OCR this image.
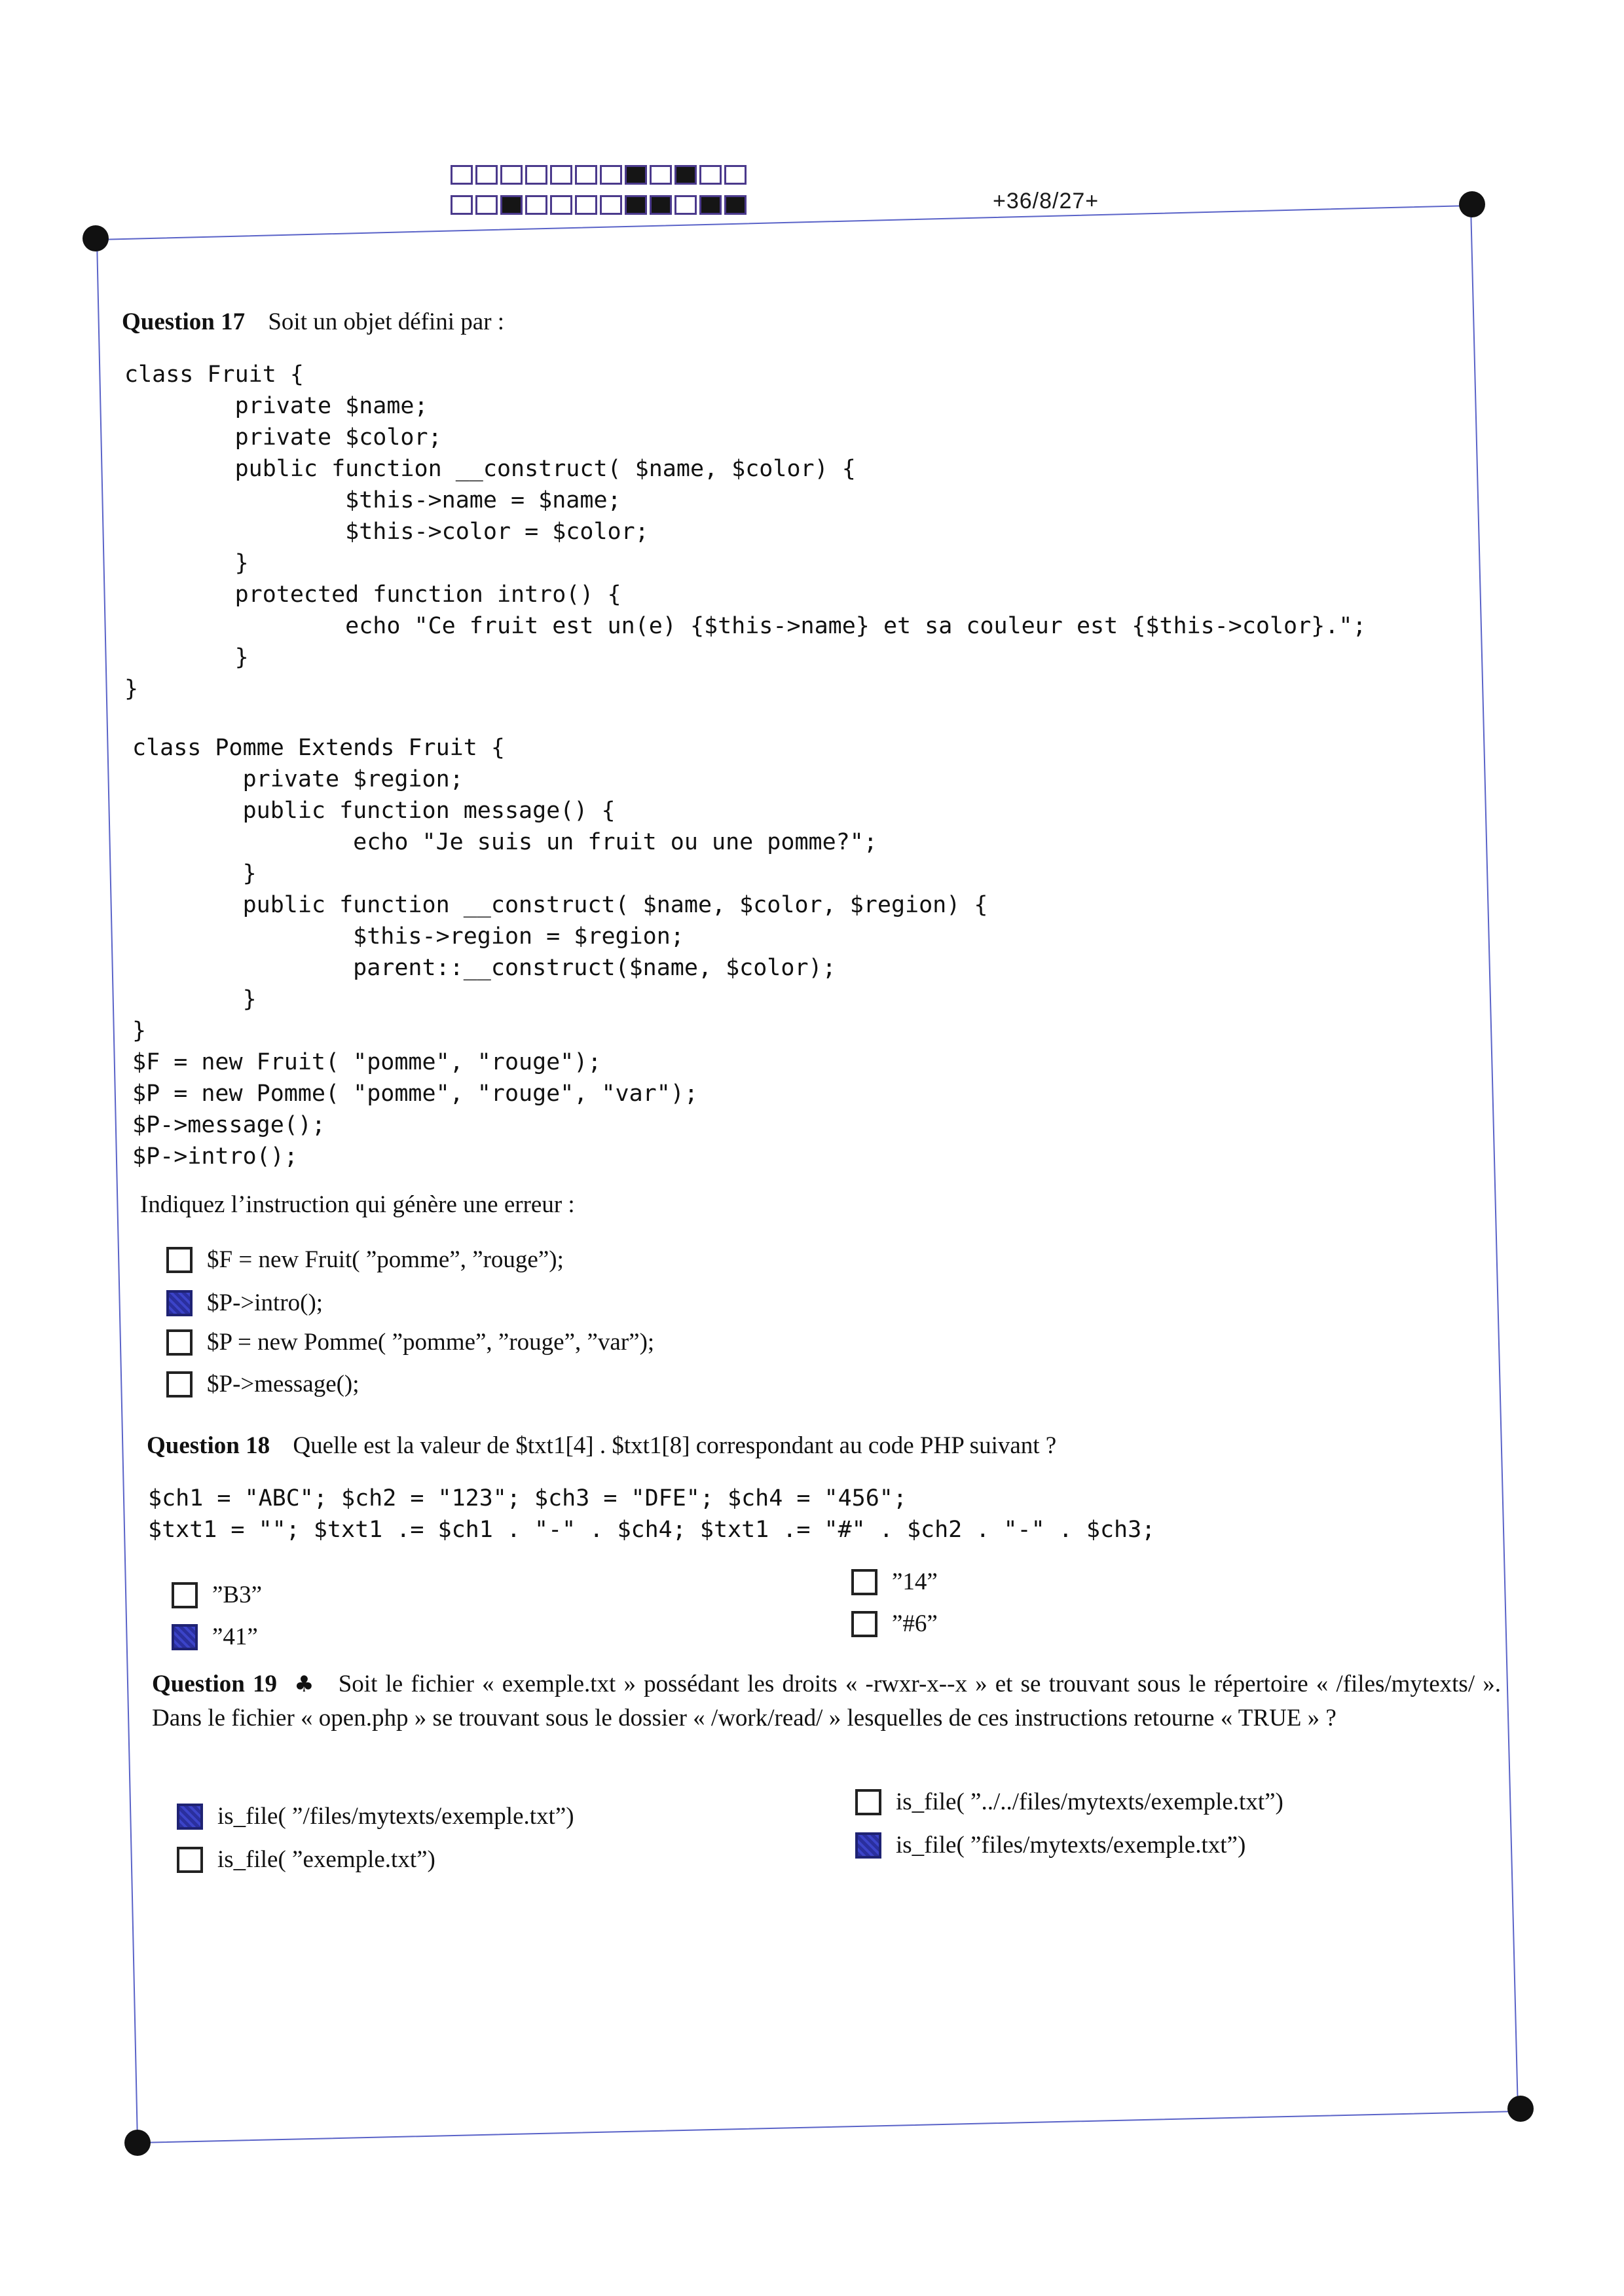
+36/8/27+
Question 17 Soit un objet défini par :
class Fruit {
private $name;
private $color;
public function __construct( $name, $color) {
$this->name = $name;
$this->color = $color;
}
protected function intro() {
echo "Ce fruit est un(e) {$this->name} et sa couleur est {$this->color}.";
}
}
class Pomme Extends Fruit {
private $region;
public function message() {
echo "Je suis un fruit ou une pomme?";
}
public function __construct( $name, $color, $region) {
$this->region = $region;
parent::__construct($name, $color);
}
}
$F = new Fruit( "pomme", "rouge");
$P = new Pomme( "pomme", "rouge", "var");
$P->message();
$P->intro();
Indiquez l’instruction qui génère une erreur :
$F = new Fruit( ”pomme”, ”rouge”);
$P->intro();
$P = new Pomme( ”pomme”, ”rouge”, ”var”);
$P->message();
Question 18 Quelle est la valeur de $txt1[4] . $txt1[8] correspondant au code PHP suivant ?
$ch1 = "ABC"; $ch2 = "123"; $ch3 = "DFE"; $ch4 = "456";
$txt1 = ""; $txt1 .= $ch1 . "-" . $ch4; $txt1 .= "#" . $ch2 . "-" . $ch3;
”B3”
”41”
”14”
”#6”
Question 19 ♣ Soit le fichier « exemple.txt » possédant les droits « -rwxr-x--x » et se trouvant sous le répertoire « /files/mytexts/ ». Dans le fichier « open.php » se trouvant sous le dossier « /work/read/ » lesquelles de ces instructions retourne « TRUE » ?
is_file( ”/files/mytexts/exemple.txt”)
is_file( ”exemple.txt”)
is_file( ”../../files/mytexts/exemple.txt”)
is_file( ”files/mytexts/exemple.txt”)
